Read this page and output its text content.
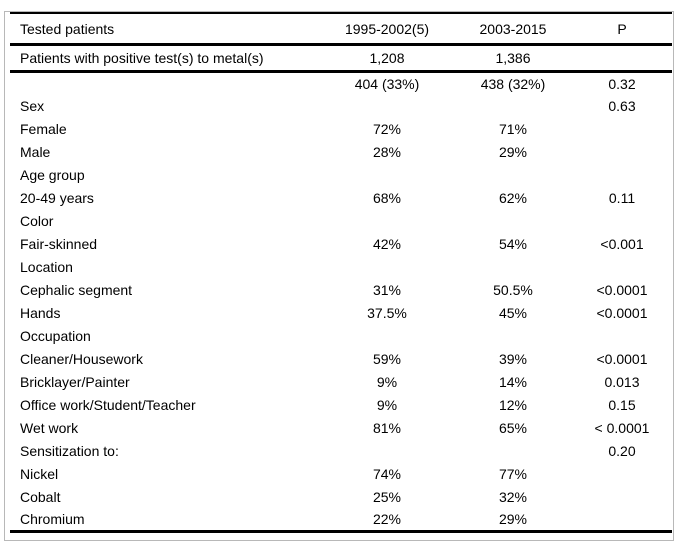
Tested patients	1995-2002(5)	2003-2015	P
Patients with positive test(s) to metal(s)	1,208	1,386	
	404 (33%)	438 (32%)	0.32
Sex			0.63
Female	72%	71%	
Male	28%	29%	
Age group			
20-49 years	68%	62%	0.11
Color			
Fair-skinned	42%	54%	<0.001
Location			
Cephalic segment	31%	50.5%	<0.0001
Hands	37.5%	45%	<0.0001
Occupation			
Cleaner/Housework	59%	39%	<0.0001
Bricklayer/Painter	9%	14%	0.013
Office work/Student/Teacher	9%	12%	0.15
Wet work	81%	65%	< 0.0001
Sensitization to:			0.20
Nickel	74%	77%	
Cobalt	25%	32%	
Chromium	22%	29%	
